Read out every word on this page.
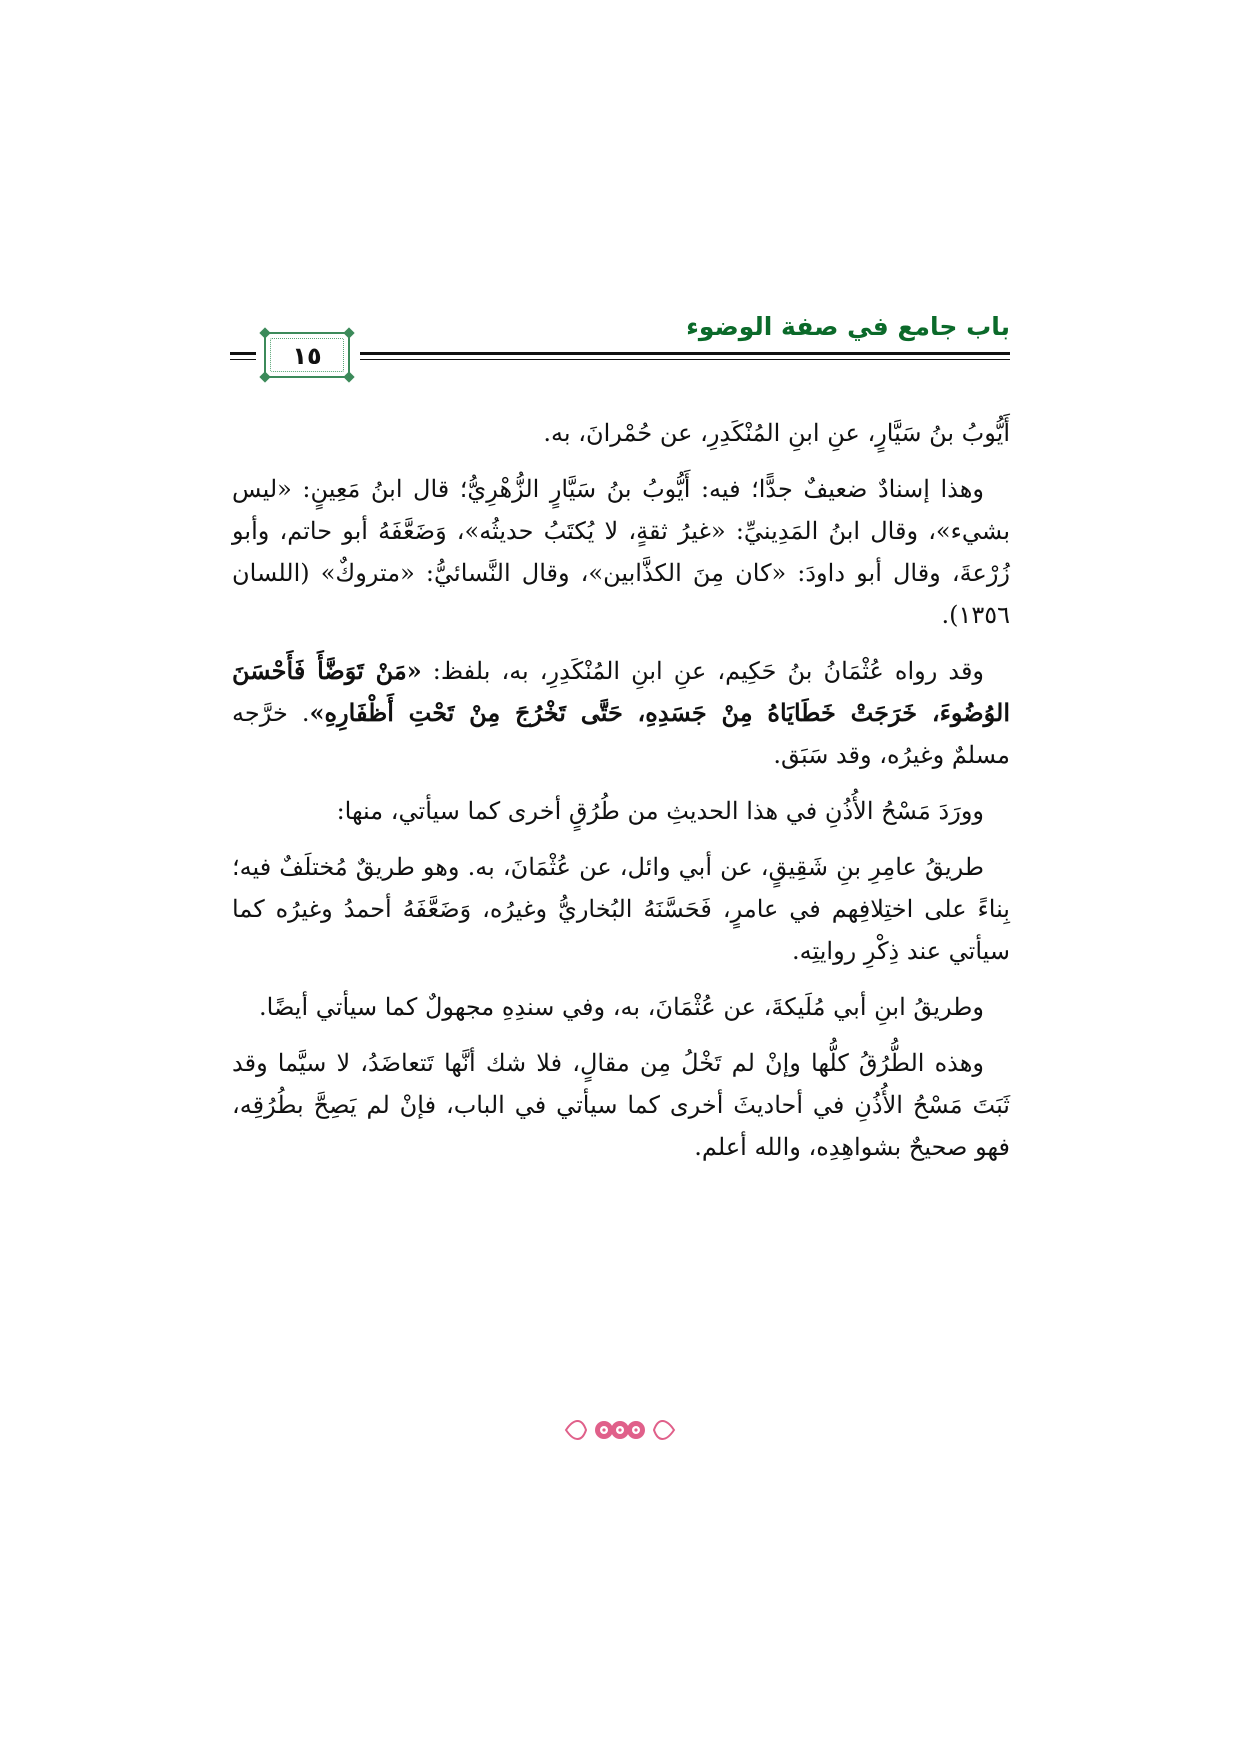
باب جامع في صفة الوضوء
١٥

أَيُّوبُ بنُ سَيَّارٍ، عنِ ابنِ المُنْكَدِرِ، عن حُمْرانَ، به.

وهذا إسنادٌ ضعيفٌ جدًّا؛ فيه: أَيُّوبُ بنُ سَيَّارٍ الزُّهْرِيُّ؛ قال ابنُ مَعِينٍ: «ليس بشيء»، وقال ابنُ المَدِينيِّ: «غيرُ ثقةٍ، لا يُكتَبُ حديثُه»، وَضَعَّفَهُ أبو حاتم، وأبو زُرْعةَ، وقال أبو داودَ: «كان مِنَ الكذَّابين»، وقال النَّسائيُّ: «متروكٌ» (اللسان ١٣٥٦).

وقد رواه عُثْمَانُ بنُ حَكِيم، عنِ ابنِ المُنْكَدِرِ، به، بلفظ: «مَنْ تَوَضَّأَ فَأَحْسَنَ الوُضُوءَ، خَرَجَتْ خَطَايَاهُ مِنْ جَسَدِهِ، حَتَّى تَخْرُجَ مِنْ تَحْتِ أَظْفَارِهِ». خرَّجه مسلمٌ وغيرُه، وقد سَبَق.

وورَدَ مَسْحُ الأُذُنِ في هذا الحديثِ من طُرُقٍ أخرى كما سيأتي، منها:

طريقُ عامِرِ بنِ شَقِيقٍ، عن أبي وائل، عن عُثْمَانَ، به. وهو طريقٌ مُختلَفٌ فيه؛ بِناءً على اختِلافِهم في عامرٍ، فَحَسَّنَهُ البُخاريُّ وغيرُه، وَضَعَّفَهُ أحمدُ وغيرُه كما سيأتي عند ذِكْرِ روايتِه.

وطريقُ ابنِ أبي مُلَيكةَ، عن عُثْمَانَ، به، وفي سندِهِ مجهولٌ كما سيأتي أيضًا.

وهذه الطُّرُقُ كلُّها وإنْ لم تَخْلُ مِن مقالٍ، فلا شك أنَّها تَتعاضَدُ، لا سيَّما وقد ثَبَتَ مَسْحُ الأُذُنِ في أحاديثَ أخرى كما سيأتي في الباب، فإنْ لم يَصِحَّ بطُرُقِه، فهو صحيحٌ بشواهِدِه، والله أعلم.
